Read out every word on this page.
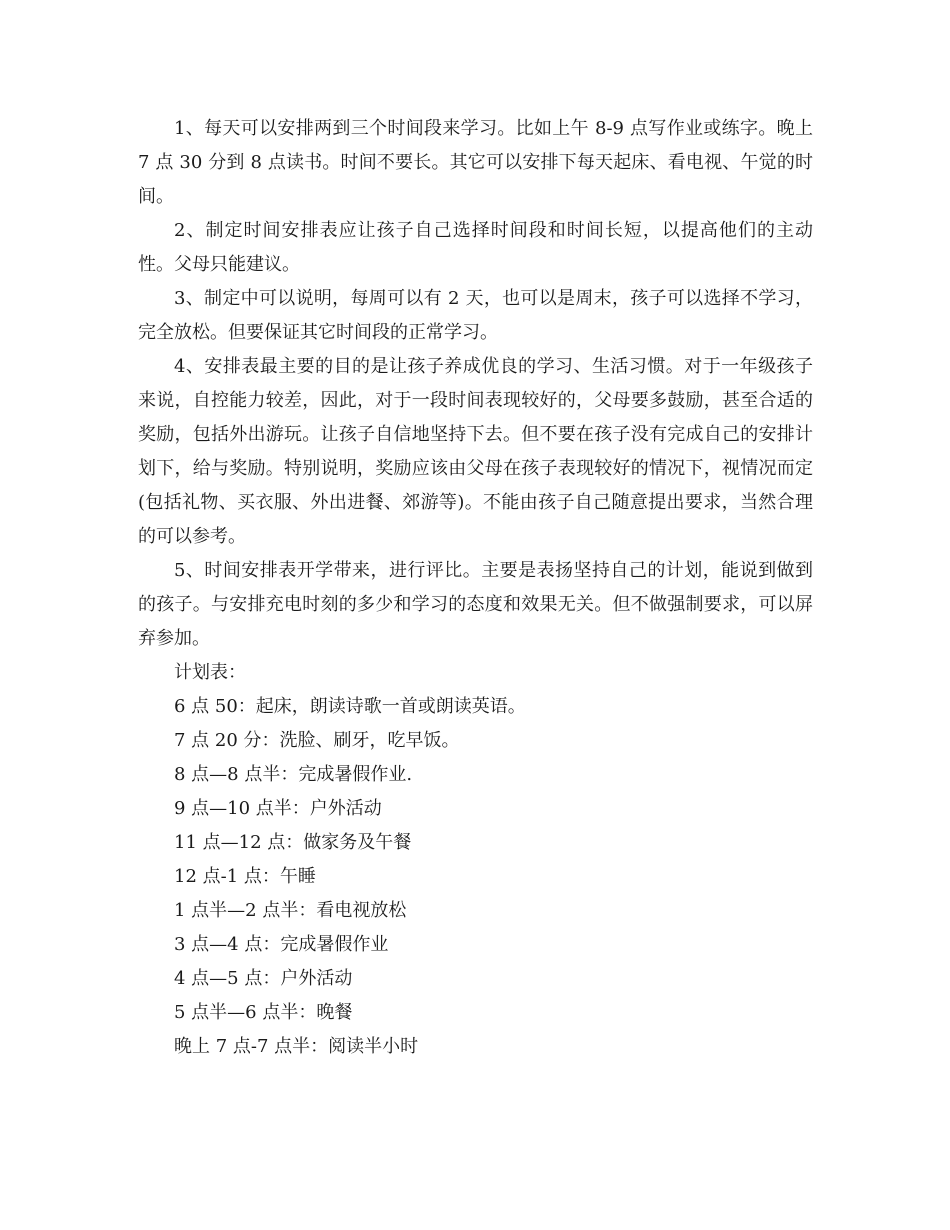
1、每天可以安排两到三个时间段来学习。比如上午 8-9 点写作业或练字。晚上 7 点 30 分到 8 点读书。时间不要长。其它可以安排下每天起床、看电视、午觉的时间。

2、制定时间安排表应让孩子自己选择时间段和时间长短，以提高他们的主动性。父母只能建议。

3、制定中可以说明，每周可以有 2 天，也可以是周末，孩子可以选择不学习，完全放松。但要保证其它时间段的正常学习。

4、安排表最主要的目的是让孩子养成优良的学习、生活习惯。对于一年级孩子来说，自控能力较差，因此，对于一段时间表现较好的，父母要多鼓励，甚至合适的奖励，包括外出游玩。让孩子自信地坚持下去。但不要在孩子没有完成自己的安排计划下，给与奖励。特别说明，奖励应该由父母在孩子表现较好的情况下，视情况而定(包括礼物、买衣服、外出进餐、郊游等)。不能由孩子自己随意提出要求，当然合理的可以参考。

5、时间安排表开学带来，进行评比。主要是表扬坚持自己的计划，能说到做到的孩子。与安排充电时刻的多少和学习的态度和效果无关。但不做强制要求，可以屏弃参加。

计划表：

6 点 50：起床，朗读诗歌一首或朗读英语。
7 点 20 分：洗脸、刷牙，吃早饭。
8 点—8 点半：完成暑假作业.
9 点—10 点半：户外活动
11 点—12 点：做家务及午餐
12 点-1 点：午睡
1 点半—2 点半：看电视放松
3 点—4 点：完成暑假作业
4 点—5 点：户外活动
5 点半—6 点半：晚餐
晚上 7 点-7 点半：阅读半小时
